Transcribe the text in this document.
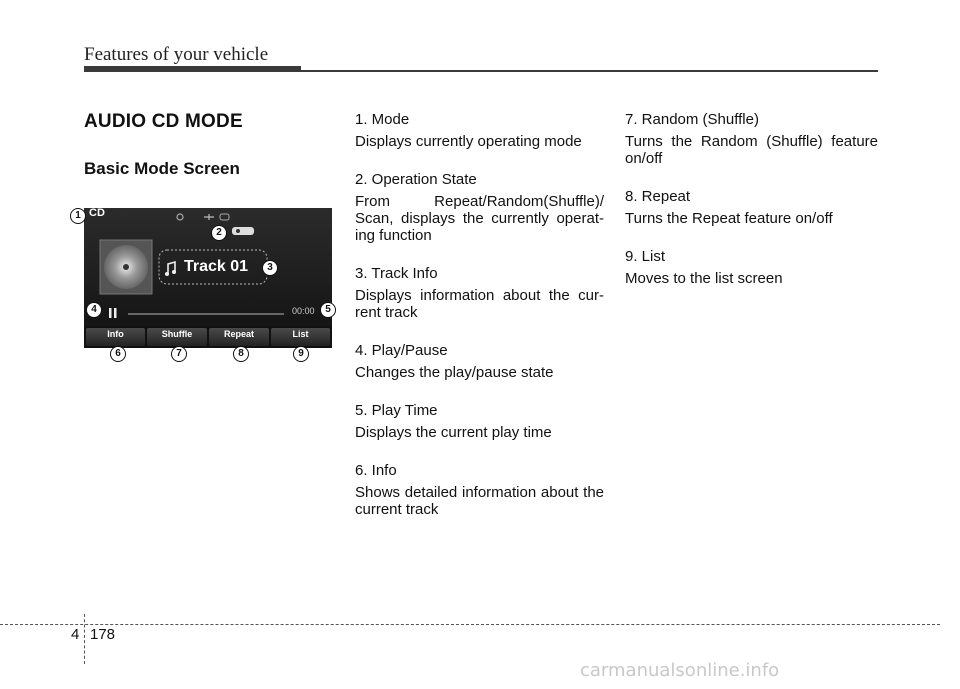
Features of your vehicle
AUDIO CD MODE
Basic Mode Screen
CD
Track 01
00:00
Info	Shuffle	Repeat	List
1
2
3
4	5
6	7	8	9
1. Mode
Displays currently operating mode
2. Operation State
From Repeat/Random(Shuffle)/ Scan, displays the currently operat-ing function
3. Track Info
Displays information about the cur-rent track
4. Play/Pause
Changes the play/pause state
5. Play Time
Displays the current play time
6. Info
Shows detailed information about the current track
7. Random (Shuffle)
Turns the Random (Shuffle) feature on/off
8. Repeat
Turns the Repeat feature on/off
9. List
Moves to the list screen
4 178
carmanualsonline.info
